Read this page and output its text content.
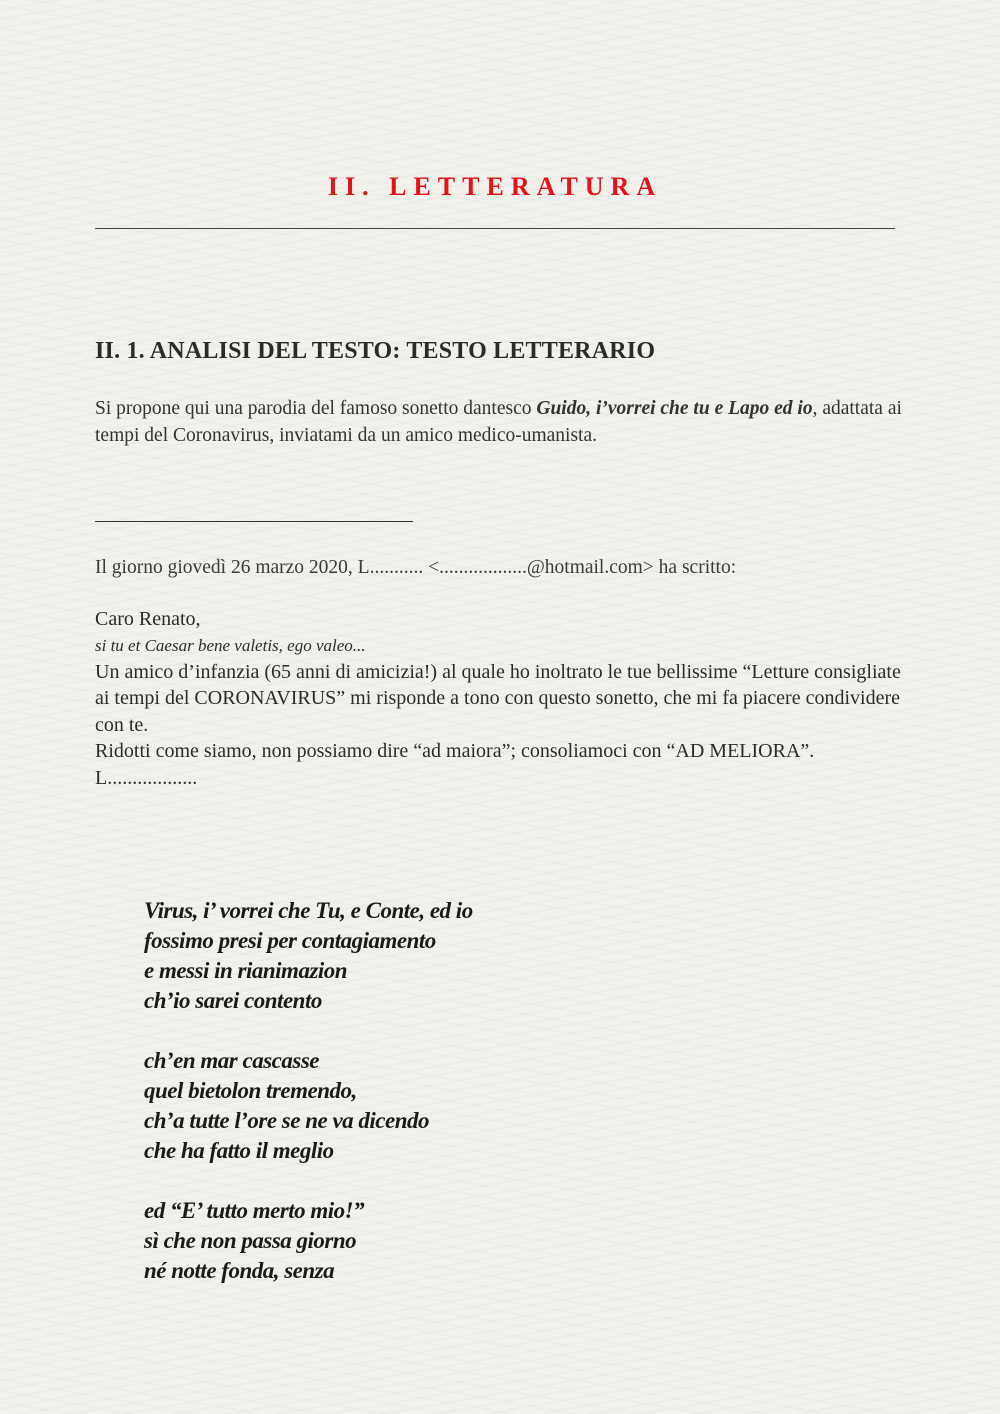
II. LETTERATURA
II. 1. ANALISI DEL TESTO: TESTO LETTERARIO

Si propone qui una parodia del famoso sonetto dantesco Guido, i’vorrei che tu e Lapo ed io, adattata ai tempi del Coronavirus, inviatami da un amico medico-umanista.

Il giorno giovedì 26 marzo 2020, L........... <..................@hotmail.com> ha scritto:

Caro Renato,

si tu et Caesar bene valetis, ego valeo...

Un amico d’infanzia (65 anni di amicizia!) al quale ho inoltrato le tue bellissime “Letture consigliate ai tempi del CORONAVIRUS” mi risponde a tono con questo sonetto, che mi fa piacere condividere con te.

Ridotti come siamo, non possiamo dire “ad maiora”; consoliamoci con “AD MELIORA”.

L..................

Virus, i’ vorrei che Tu, e Conte, ed io
fossimo presi per contagiamento
e messi in rianimazion
ch’io sarei contento
ch’en mar cascasse
quel bietolon tremendo,
ch’a tutte l’ore se ne va dicendo
che ha fatto il meglio
ed “E’ tutto merto mio!”
sì che non passa giorno
né notte fonda, senza
